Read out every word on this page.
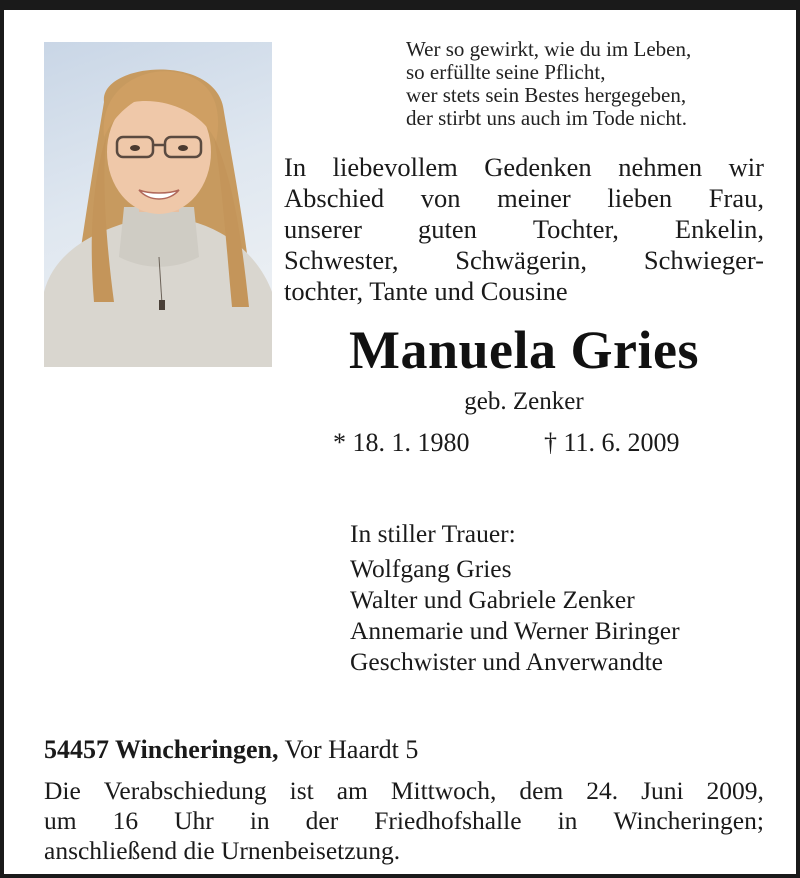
Wer so gewirkt, wie du im Leben,
so erfüllte seine Pflicht,
wer stets sein Bestes hergegeben,
der stirbt uns auch im Tode nicht.
In liebevollem Gedenken nehmen wir
Abschied von meiner lieben Frau,
unserer guten Tochter, Enkelin,
Schwester, Schwägerin, Schwieger-
tochter, Tante und Cousine
Manuela Gries
geb. Zenker
* 18. 1. 1980	† 11. 6. 2009
In stiller Trauer:
Wolfgang Gries
Walter und Gabriele Zenker
Annemarie und Werner Biringer
Geschwister und Anverwandte
54457 Wincheringen, Vor Haardt 5
Die Verabschiedung ist am Mittwoch, dem 24. Juni 2009,
um 16 Uhr in der Friedhofshalle in Wincheringen;
anschließend die Urnenbeisetzung.
